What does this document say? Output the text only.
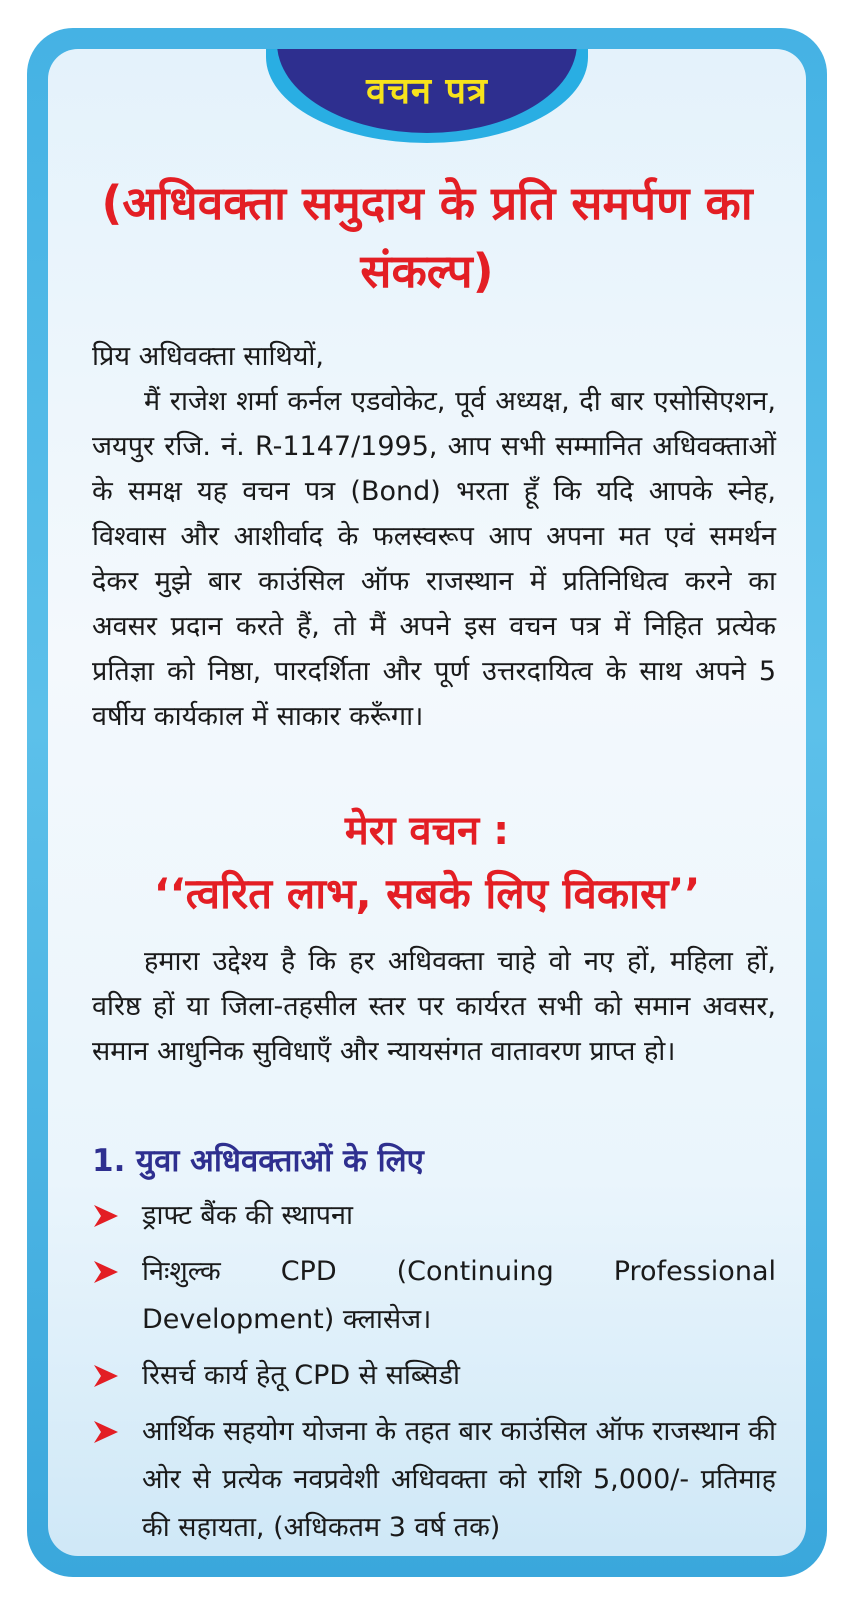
वचन पत्र
(अधिवक्ता समुदाय के प्रति समर्पण का संकल्प)
प्रिय अधिवक्ता साथियों,
मैं राजेश शर्मा कर्नल एडवोकेट, पूर्व अध्यक्ष, दी बार एसोसिएशन, जयपुर रजि. नं. R-1147/1995, आप सभी सम्मानित अधिवक्ताओं के समक्ष यह वचन पत्र (Bond) भरता हूँ कि यदि आपके स्नेह, विश्वास और आशीर्वाद के फलस्वरूप आप अपना मत एवं समर्थन देकर मुझे बार काउंसिल ऑफ राजस्थान में प्रतिनिधित्व करने का अवसर प्रदान करते हैं, तो मैं अपने इस वचन पत्र में निहित प्रत्येक प्रतिज्ञा को निष्ठा, पारदर्शिता और पूर्ण उत्तरदायित्व के साथ अपने 5 वर्षीय कार्यकाल में साकार करूँगा।
मेरा वचन :
‘‘त्वरित लाभ, सबके लिए विकास’’
हमारा उद्देश्य है कि हर अधिवक्ता चाहे वो नए हों, महिला हों, वरिष्ठ हों या जिला-तहसील स्तर पर कार्यरत सभी को समान अवसर, समान आधुनिक सुविधाएँ और न्यायसंगत वातावरण प्राप्त हो।
1. युवा अधिवक्ताओं के लिए
ड्राफ्ट बैंक की स्थापना
निःशुल्क CPD (Continuing Professional Development) क्लासेज।
रिसर्च कार्य हेतू CPD से सब्सिडी
आर्थिक सहयोग योजना के तहत बार काउंसिल ऑफ राजस्थान की ओर से प्रत्येक नवप्रवेशी अधिवक्ता को राशि 5,000/- प्रतिमाह की सहायता, (अधिकतम 3 वर्ष तक)
